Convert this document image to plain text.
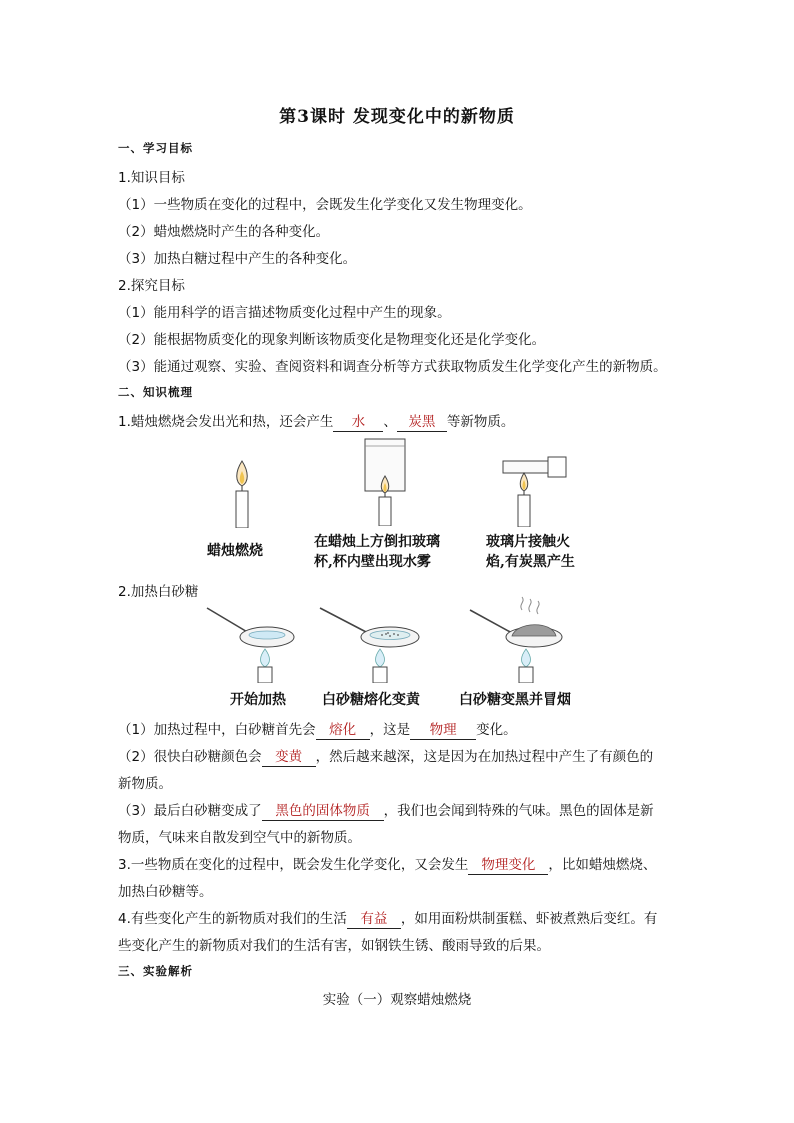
第3课时 发现变化中的新物质
一、学习目标
1.知识目标
（1）一些物质在变化的过程中，会既发生化学变化又发生物理变化。
（2）蜡烛燃烧时产生的各种变化。
（3）加热白糖过程中产生的各种变化。
2.探究目标
（1）能用科学的语言描述物质变化过程中产生的现象。
（2）能根据物质变化的现象判断该物质变化是物理变化还是化学变化。
（3）能通过观察、实验、查阅资料和调查分析等方式获取物质发生化学变化产生的新物质。
二、知识梳理
1.蜡烛燃烧会发出光和热，还会产生 水 、 炭黑 等新物质。
蜡烛燃烧
在蜡烛上方倒扣玻璃
杯,杯内壁出现水雾
玻璃片接触火
焰,有炭黑产生
2.加热白砂糖
开始加热	白砂糖熔化变黄	白砂糖变黑并冒烟
（1）加热过程中，白砂糖首先会 熔化 ，这是 物理 变化。
（2）很快白砂糖颜色会 变黄 ，然后越来越深，这是因为在加热过程中产生了有颜色的
新物质。
（3）最后白砂糖变成了 黑色的固体物质 ，我们也会闻到特殊的气味。黑色的固体是新
物质，气味来自散发到空气中的新物质。
3.一些物质在变化的过程中，既会发生化学变化，又会发生 物理变化 ，比如蜡烛燃烧、
加热白砂糖等。
4.有些变化产生的新物质对我们的生活 有益 ，如用面粉烘制蛋糕、虾被煮熟后变红。有
些变化产生的新物质对我们的生活有害，如钢铁生锈、酸雨导致的后果。
三、实验解析
实验（一）观察蜡烛燃烧
